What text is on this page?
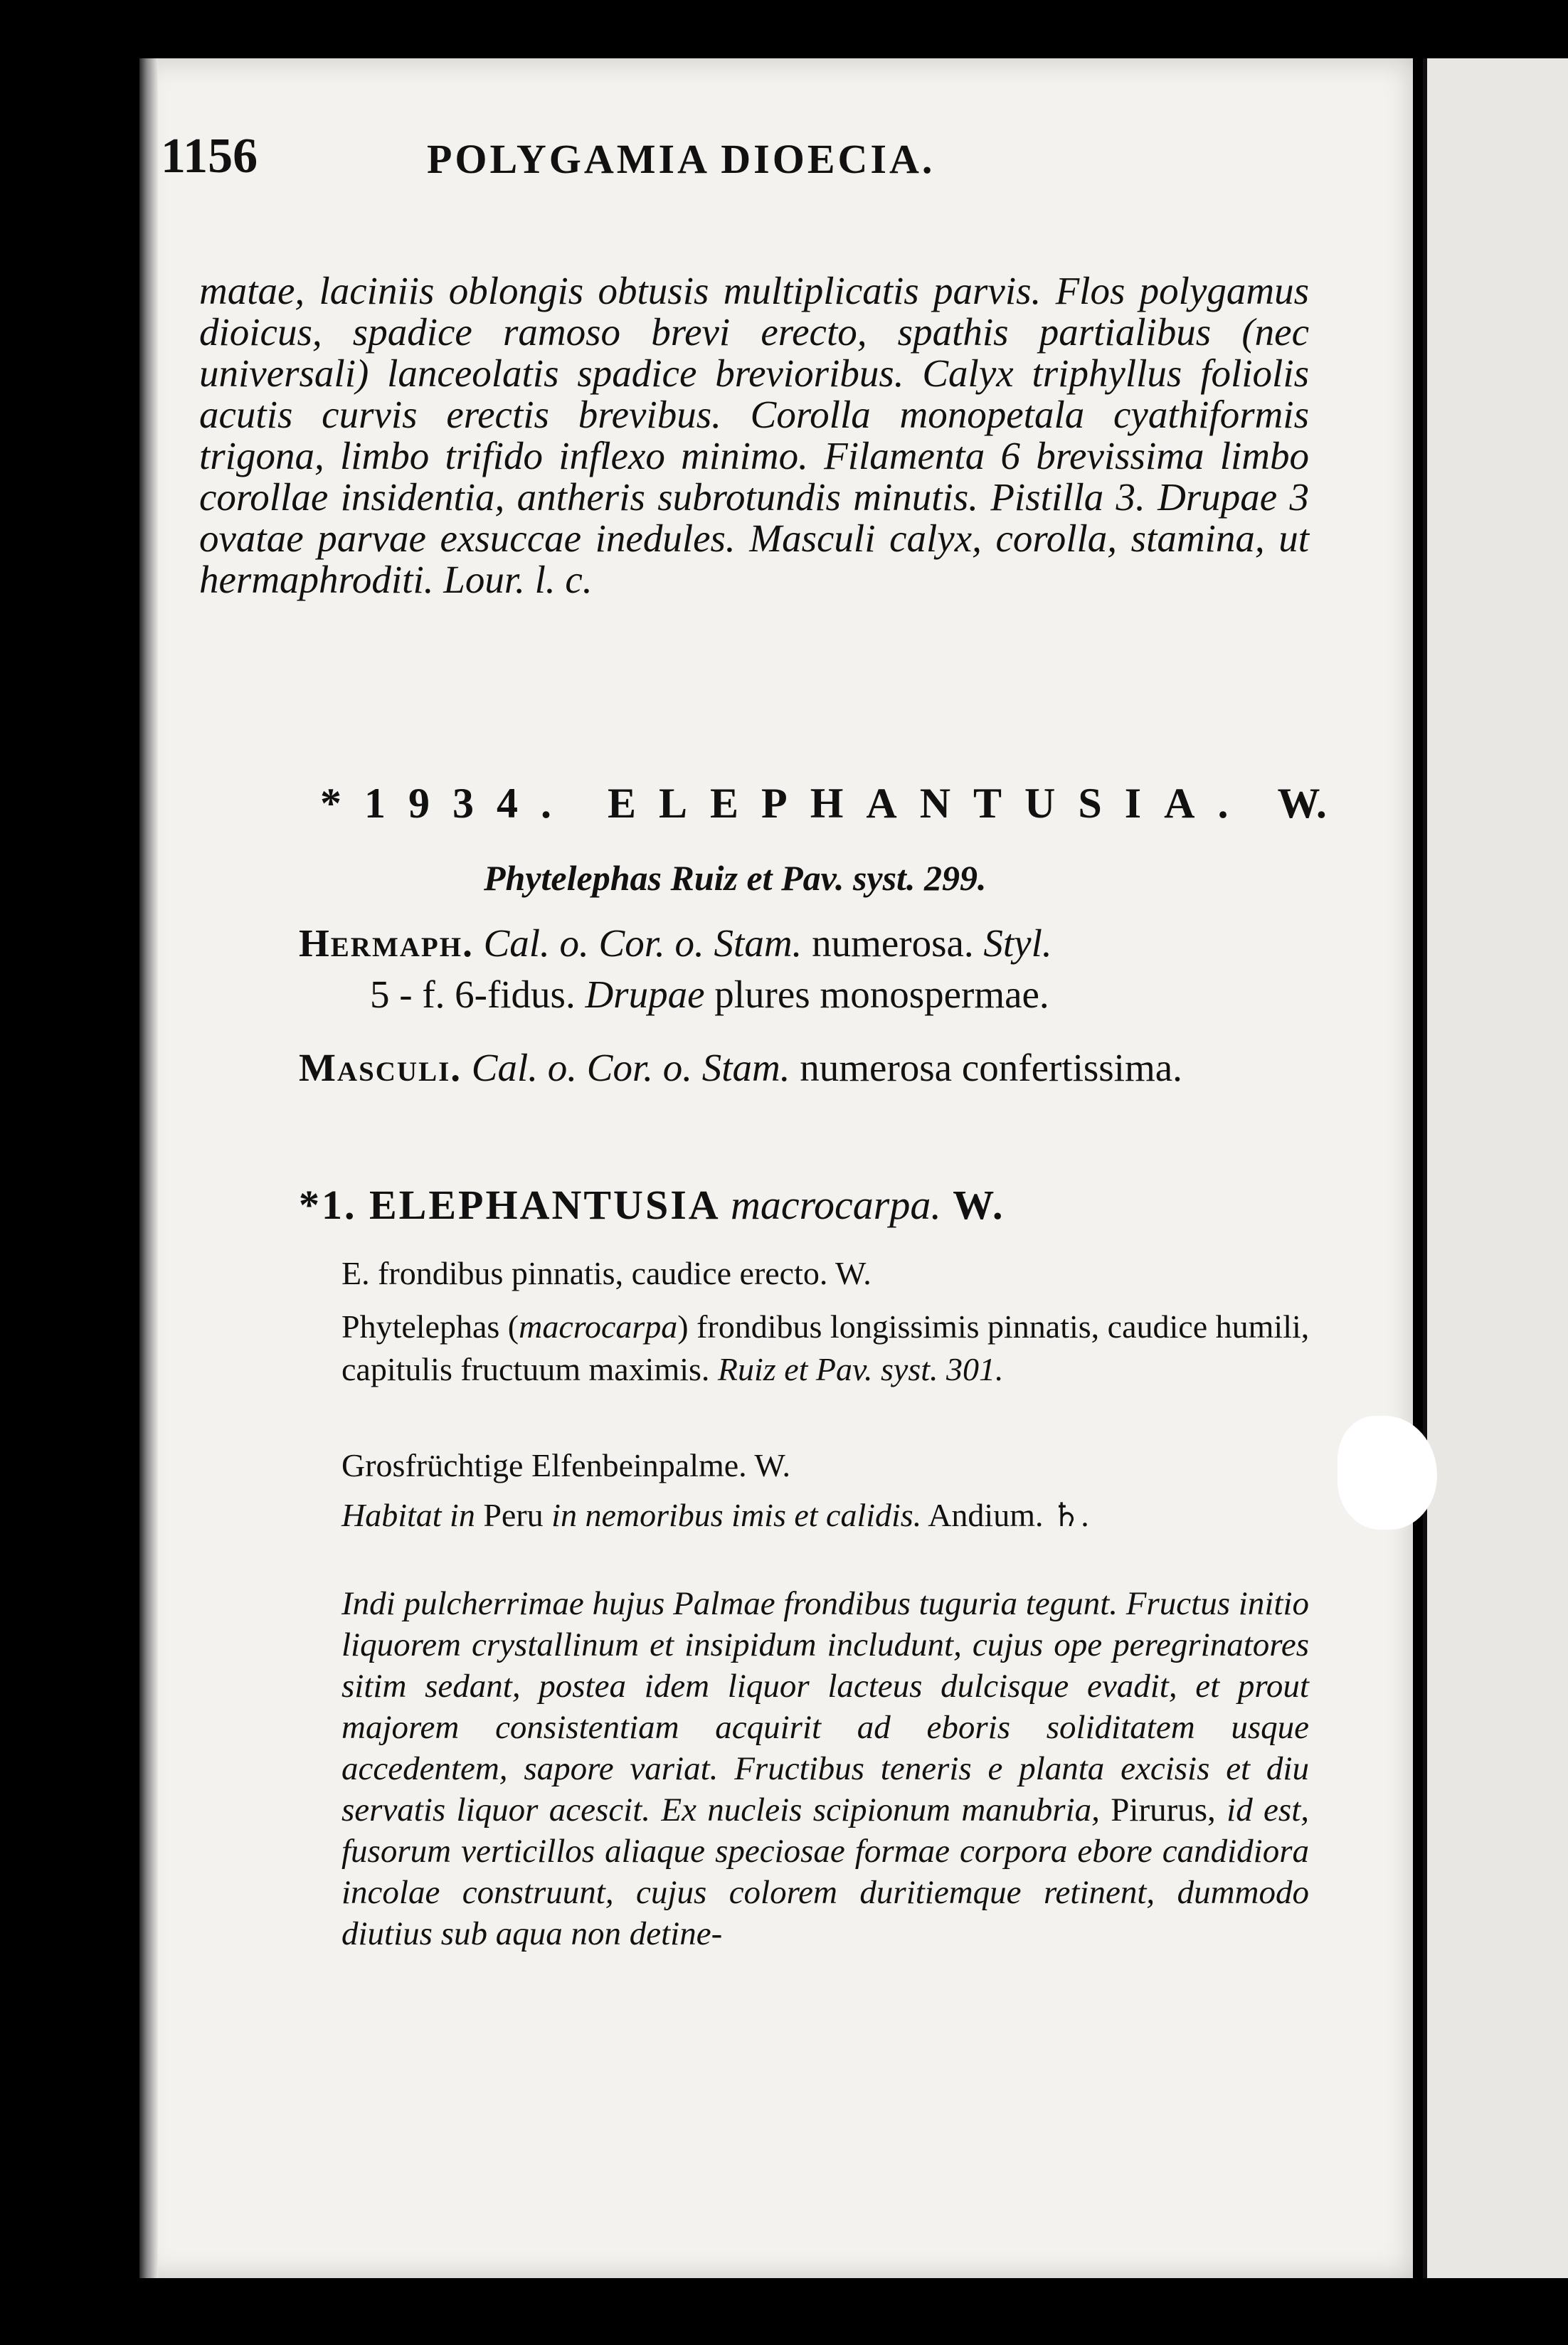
1156	POLYGAMIA DIOECIA.
matae, laciniis oblongis obtusis multiplicatis parvis. Flos polygamus dioicus, spadice ramoso brevi erecto, spathis partialibus (nec universali) lanceolatis spadice brevioribus. Calyx triphyllus foliolis acutis curvis erectis brevibus. Corolla monopetala cyathiformis trigona, limbo trifido inflexo minimo. Filamenta 6 brevissima limbo corollae insidentia, antheris subrotundis minutis. Pistilla 3. Drupae 3 ovatae parvae exsuccae inedules. Masculi calyx, corolla, stamina, ut hermaphroditi. Lour. l. c.
*1934. ELEPHANTUSIA. W.
Phytelephas Ruiz et Pav. syst. 299.
Hermaph. Cal. o. Cor. o. Stam. numerosa. Styl.
5 - f. 6-fidus. Drupae plures monospermae.
Masculi. Cal. o. Cor. o. Stam. numerosa confertissima.
*1. ELEPHANTUSIA macrocarpa. W.
E. frondibus pinnatis, caudice erecto. W.
Phytelephas (macrocarpa) frondibus longissimis pinnatis, caudice humili, capitulis fructuum maximis. Ruiz et Pav. syst. 301.
Grosfrüchtige Elfenbeinpalme. W.
Habitat in Peru in nemoribus imis et calidis. Andium. ♄.
Indi pulcherrimae hujus Palmae frondibus tuguria tegunt. Fructus initio liquorem crystallinum et insipidum includunt, cujus ope peregrinatores sitim sedant, postea idem liquor lacteus dulcisque evadit, et prout majorem consistentiam acquirit ad eboris soliditatem usque accedentem, sapore variat. Fructibus teneris e planta excisis et diu servatis liquor acescit. Ex nucleis scipionum manubria, Pirurus, id est, fusorum verticillos aliaque speciosae formae corpora ebore candidiora incolae construunt, cujus colorem duritiemque retinent, dummodo diutius sub aqua non detine-
